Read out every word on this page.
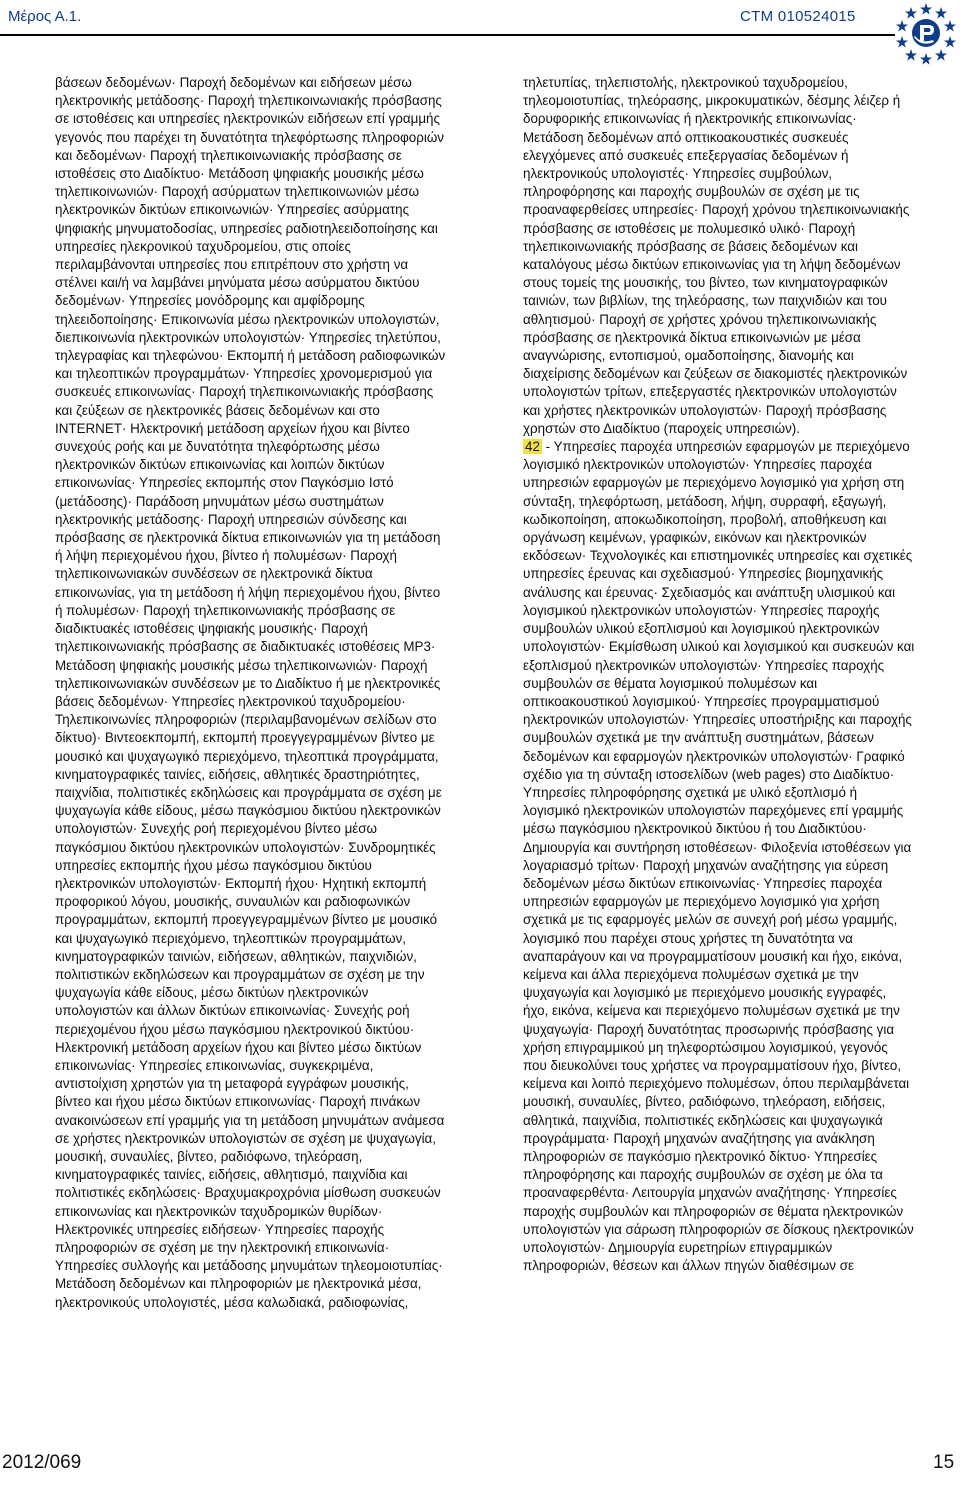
Μέρος Α.1.	CTM 010524015

βάσεων δεδομένων· Παροχή δεδομένων και ειδήσεων μέσω ηλεκτρονικής μετάδοσης· Παροχή τηλεπικοινωνιακής πρόσβασης σε ιστοθέσεις και υπηρεσίες ηλεκτρονικών ειδήσεων επί γραμμής γεγονός που παρέχει τη δυνατότητα τηλεφόρτωσης πληροφοριών και δεδομένων· Παροχή τηλεπικοινωνιακής πρόσβασης σε ιστοθέσεις στο Διαδίκτυο· Μετάδοση ψηφιακής μουσικής μέσω τηλεπικοινωνιών· Παροχή ασύρματων τηλεπικοινωνιών μέσω ηλεκτρονικών δικτύων επικοινωνιών· Υπηρεσίες ασύρματης ψηφιακής μηνυματοδοσίας, υπηρεσίες ραδιοτηλεειδοποίησης και υπηρεσίες ηλεκρονικού ταχυδρομείου, στις οποίες περιλαμβάνονται υπηρεσίες που επιτρέπουν στο χρήστη να στέλνει και/ή να λαμβάνει μηνύματα μέσω ασύρματου δικτύου δεδομένων· Υπηρεσίες μονόδρομης και αμφίδρομης τηλεειδοποίησης· Επικοινωνία μέσω ηλεκτρονικών υπολογιστών, διεπικοινωνία ηλεκτρονικών υπολογιστών· Υπηρεσίες τηλετύπου, τηλεγραφίας και τηλεφώνου· Εκπομπή ή μετάδοση ραδιοφωνικών και τηλεοπτικών προγραμμάτων· Υπηρεσίες χρονομερισμού για συσκευές επικοινωνίας· Παροχή τηλεπικοινωνιακής πρόσβασης και ζεύξεων σε ηλεκτρονικές βάσεις δεδομένων και στο INTERNET· Ηλεκτρονική μετάδοση αρχείων ήχου και βίντεο συνεχούς ροής και με δυνατότητα τηλεφόρτωσης μέσω ηλεκτρονικών δικτύων επικοινωνίας και λοιπών δικτύων επικοινωνίας· Υπηρεσίες εκπομπής στον Παγκόσμιο Ιστό (μετάδοσης)· Παράδοση μηνυμάτων μέσω συστημάτων ηλεκτρονικής μετάδοσης· Παροχή υπηρεσιών σύνδεσης και πρόσβασης σε ηλεκτρονικά δίκτυα επικοινωνιών για τη μετάδοση ή λήψη περιεχομένου ήχου, βίντεο ή πολυμέσων· Παροχή τηλεπικοινωνιακών συνδέσεων σε ηλεκτρονικά δίκτυα επικοινωνίας, για τη μετάδοση ή λήψη περιεχομένου ήχου, βίντεο ή πολυμέσων· Παροχή τηλεπικοινωνιακής πρόσβασης σε διαδικτυακές ιστοθέσεις ψηφιακής μουσικής· Παροχή τηλεπικοινωνιακής πρόσβασης σε διαδικτυακές ιστοθέσεις MP3· Μετάδοση ψηφιακής μουσικής μέσω τηλεπικοινωνιών· Παροχή τηλεπικοινωνιακών συνδέσεων με το Διαδίκτυο ή με ηλεκτρονικές βάσεις δεδομένων· Υπηρεσίες ηλεκτρονικού ταχυδρομείου· Τηλεπικοινωνίες πληροφοριών (περιλαμβανομένων σελίδων στο δίκτυο)· Βιντεοεκπομπή, εκπομπή προεγγεγραμμένων βίντεο με μουσικό και ψυχαγωγικό περιεχόμενο, τηλεοπτικά προγράμματα, κινηματογραφικές ταινίες, ειδήσεις, αθλητικές δραστηριότητες, παιχνίδια, πολιτιστικές εκδηλώσεις και προγράμματα σε σχέση με ψυχαγωγία κάθε είδους, μέσω παγκόσμιου δικτύου ηλεκτρονικών υπολογιστών· Συνεχής ροή περιεχομένου βίντεο μέσω παγκόσμιου δικτύου ηλεκτρονικών υπολογιστών· Συνδρομητικές υπηρεσίες εκπομπής ήχου μέσω παγκόσμιου δικτύου ηλεκτρονικών υπολογιστών· Εκπομπή ήχου· Ηχητική εκπομπή προφορικού λόγου, μουσικής, συναυλιών και ραδιοφωνικών προγραμμάτων, εκπομπή προεγγεγραμμένων βίντεο με μουσικό και ψυχαγωγικό περιεχόμενο, τηλεοπτικών προγραμμάτων, κινηματογραφικών ταινιών, ειδήσεων, αθλητικών, παιχνιδιών, πολιτιστικών εκδηλώσεων και προγραμμάτων σε σχέση με την ψυχαγωγία κάθε είδους, μέσω δικτύων ηλεκτρονικών υπολογιστών και άλλων δικτύων επικοινωνίας· Συνεχής ροή περιεχομένου ήχου μέσω παγκόσμιου ηλεκτρονικού δικτύου· Ηλεκτρονική μετάδοση αρχείων ήχου και βίντεο μέσω δικτύων επικοινωνίας· Υπηρεσίες επικοινωνίας, συγκεκριμένα, αντιστοίχιση χρηστών για τη μεταφορά εγγράφων μουσικής, βίντεο και ήχου μέσω δικτύων επικοινωνίας· Παροχή πινάκων ανακοινώσεων επί γραμμής για τη μετάδοση μηνυμάτων ανάμεσα σε χρήστες ηλεκτρονικών υπολογιστών σε σχέση με ψυχαγωγία, μουσική, συναυλίες, βίντεο, ραδιόφωνο, τηλεόραση, κινηματογραφικές ταινίες, ειδήσεις, αθλητισμό, παιχνίδια και πολιτιστικές εκδηλώσεις· Βραχυμακροχρόνια μίσθωση συσκευών επικοινωνίας και ηλεκτρονικών ταχυδρομικών θυρίδων· Ηλεκτρονικές υπηρεσίες ειδήσεων· Υπηρεσίες παροχής πληροφοριών σε σχέση με την ηλεκτρονική επικοινωνία· Υπηρεσίες συλλογής και μετάδοσης μηνυμάτων τηλεομοιοτυπίας· Μετάδοση δεδομένων και πληροφοριών με ηλεκτρονικά μέσα, ηλεκτρονικούς υπολογιστές, μέσα καλωδιακά, ραδιοφωνίας,

τηλετυπίας, τηλεπιστολής, ηλεκτρονικού ταχυδρομείου, τηλεομοιοτυπίας, τηλεόρασης, μικροκυματικών, δέσμης λέιζερ ή δορυφορικής επικοινωνίας ή ηλεκτρονικής επικοινωνίας· Μετάδοση δεδομένων από οπτικοακουστικές συσκευές ελεγχόμενες από συσκευές επεξεργασίας δεδομένων ή ηλεκτρονικούς υπολογιστές· Υπηρεσίες συμβούλων, πληροφόρησης και παροχής συμβουλών σε σχέση με τις προαναφερθείσες υπηρεσίες· Παροχή χρόνου τηλεπικοινωνιακής πρόσβασης σε ιστοθέσεις με πολυμεσικό υλικό· Παροχή τηλεπικοινωνιακής πρόσβασης σε βάσεις δεδομένων και καταλόγους μέσω δικτύων επικοινωνίας για τη λήψη δεδομένων στους τομείς της μουσικής, του βίντεο, των κινηματογραφικών ταινιών, των βιβλίων, της τηλεόρασης, των παιχνιδιών και του αθλητισμού· Παροχή σε χρήστες χρόνου τηλεπικοινωνιακής πρόσβασης σε ηλεκτρονικά δίκτυα επικοινωνιών με μέσα αναγνώρισης, εντοπισμού, ομαδοποίησης, διανομής και διαχείρισης δεδομένων και ζεύξεων σε διακομιστές ηλεκτρονικών υπολογιστών τρίτων, επεξεργαστές ηλεκτρονικών υπολογιστών και χρήστες ηλεκτρονικών υπολογιστών· Παροχή πρόσβασης χρηστών στο Διαδίκτυο (παροχείς υπηρεσιών).

42 - Υπηρεσίες παροχέα υπηρεσιών εφαρμογών με περιεχόμενο λογισμικό ηλεκτρονικών υπολογιστών· Υπηρεσίες παροχέα υπηρεσιών εφαρμογών με περιεχόμενο λογισμικό για χρήση στη σύνταξη, τηλεφόρτωση, μετάδοση, λήψη, συρραφή, εξαγωγή, κωδικοποίηση, αποκωδικοποίηση, προβολή, αποθήκευση και οργάνωση κειμένων, γραφικών, εικόνων και ηλεκτρονικών εκδόσεων· Τεχνολογικές και επιστημονικές υπηρεσίες και σχετικές υπηρεσίες έρευνας και σχεδιασμού· Υπηρεσίες βιομηχανικής ανάλυσης και έρευνας· Σχεδιασμός και ανάπτυξη υλισμικού και λογισμικού ηλεκτρονικών υπολογιστών· Υπηρεσίες παροχής συμβουλών υλικού εξοπλισμού και λογισμικού ηλεκτρονικών υπολογιστών· Εκμίσθωση υλικού και λογισμικού και συσκευών και εξοπλισμού ηλεκτρονικών υπολογιστών· Υπηρεσίες παροχής συμβουλών σε θέματα λογισμικού πολυμέσων και οπτικοακουστικού λογισμικού· Υπηρεσίες προγραμματισμού ηλεκτρονικών υπολογιστών· Υπηρεσίες υποστήριξης και παροχής συμβουλών σχετικά με την ανάπτυξη συστημάτων, βάσεων δεδομένων και εφαρμογών ηλεκτρονικών υπολογιστών· Γραφικό σχέδιο για τη σύνταξη ιστοσελίδων (web pages) στο Διαδίκτυο· Υπηρεσίες πληροφόρησης σχετικά με υλικό εξοπλισμό ή λογισμικό ηλεκτρονικών υπολογιστών παρεχόμενες επί γραμμής μέσω παγκόσμιου ηλεκτρονικού δικτύου ή του Διαδικτύου· Δημιουργία και συντήρηση ιστοθέσεων· Φιλοξενία ιστοθέσεων για λογαριασμό τρίτων· Παροχή μηχανών αναζήτησης για εύρεση δεδομένων μέσω δικτύων επικοινωνίας· Υπηρεσίες παροχέα υπηρεσιών εφαρμογών με περιεχόμενο λογισμικό για χρήση σχετικά με τις εφαρμογές μελών σε συνεχή ροή μέσω γραμμής, λογισμικό που παρέχει στους χρήστες τη δυνατότητα να αναπαράγουν και να προγραμματίσουν μουσική και ήχο, εικόνα, κείμενα και άλλα περιεχόμενα πολυμέσων σχετικά με την ψυχαγωγία και λογισμικό με περιεχόμενο μουσικής εγγραφές, ήχο, εικόνα, κείμενα και περιεχόμενο πολυμέσων σχετικά με την ψυχαγωγία· Παροχή δυνατότητας προσωρινής πρόσβασης για χρήση επιγραμμικού μη τηλεφορτώσιμου λογισμικού, γεγονός που διευκολύνει τους χρήστες να προγραμματίσουν ήχο, βίντεο, κείμενα και λοιπό περιεχόμενο πολυμέσων, όπου περιλαμβάνεται μουσική, συναυλίες, βίντεο, ραδιόφωνο, τηλεόραση, ειδήσεις, αθλητικά, παιχνίδια, πολιτιστικές εκδηλώσεις και ψυχαγωγικά προγράμματα· Παροχή μηχανών αναζήτησης για ανάκληση πληροφοριών σε παγκόσμιο ηλεκτρονικό δίκτυο· Υπηρεσίες πληροφόρησης και παροχής συμβουλών σε σχέση με όλα τα προαναφερθέντα· Λειτουργία μηχανών αναζήτησης· Υπηρεσίες παροχής συμβουλών και πληροφοριών σε θέματα ηλεκτρονικών υπολογιστών για σάρωση πληροφοριών σε δίσκους ηλεκτρονικών υπολογιστών· Δημιουργία ευρετηρίων επιγραμμικών πληροφοριών, θέσεων και άλλων πηγών διαθέσιμων σε

2012/069	15
